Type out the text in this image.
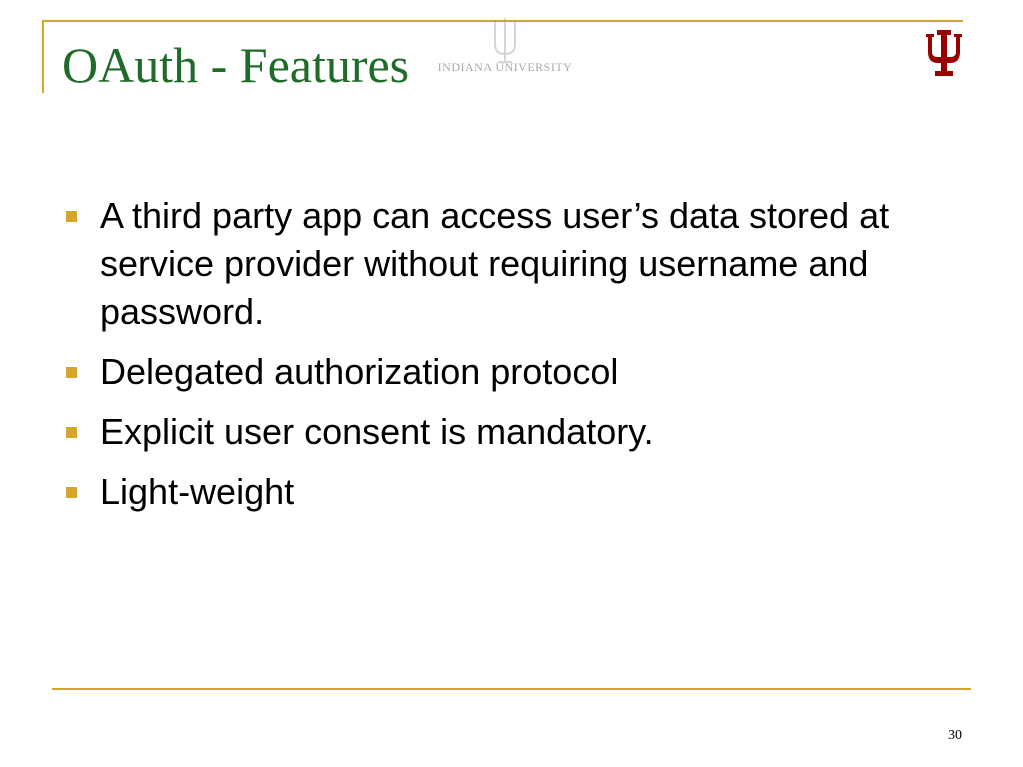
INDIANA UNIVERSITY
OAuth - Features
A third party app can access user’s data stored at service provider without requiring username and password.
Delegated authorization protocol
Explicit user consent is mandatory.
Light-weight
30
